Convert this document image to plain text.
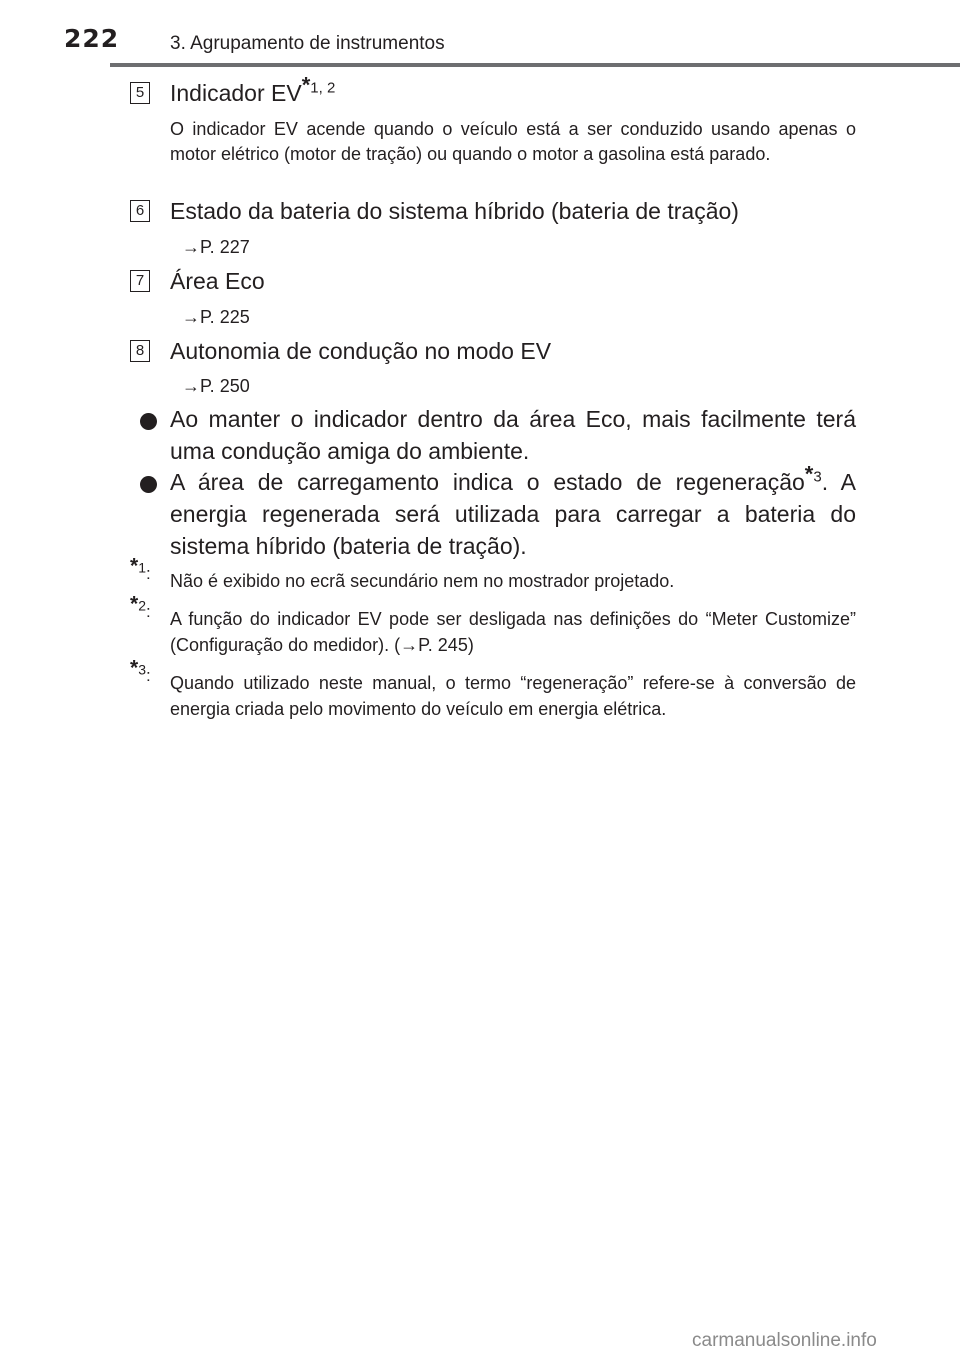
222	3. Agrupamento de instrumentos
5 Indicador EV*$^{1, 2}$
O indicador EV acende quando o veículo está a ser conduzido usando apenas o motor elétrico (motor de tração) ou quando o motor a gasolina está parado.
6 Estado da bateria do sistema híbrido (bateria de tração)
→P. 227
7 Área Eco
→P. 225
8 Autonomia de condução no modo EV
→P. 250
Ao manter o indicador dentro da área Eco, mais facilmente terá uma condução amiga do ambiente.
A área de carregamento indica o estado de regeneração*$^3$. A energia regenerada será utilizada para carregar a bateria do sistema híbrido (bateria de tração).
*$^1$: Não é exibido no ecrã secundário nem no mostrador projetado.
*$^2$: A função do indicador EV pode ser desligada nas definições do “Meter Customize” (Configuração do medidor). (→P. 245)
*$^3$: Quando utilizado neste manual, o termo “regeneração” refere-se à conversão de energia criada pelo movimento do veículo em energia elétrica.
carmanualsonline.info
